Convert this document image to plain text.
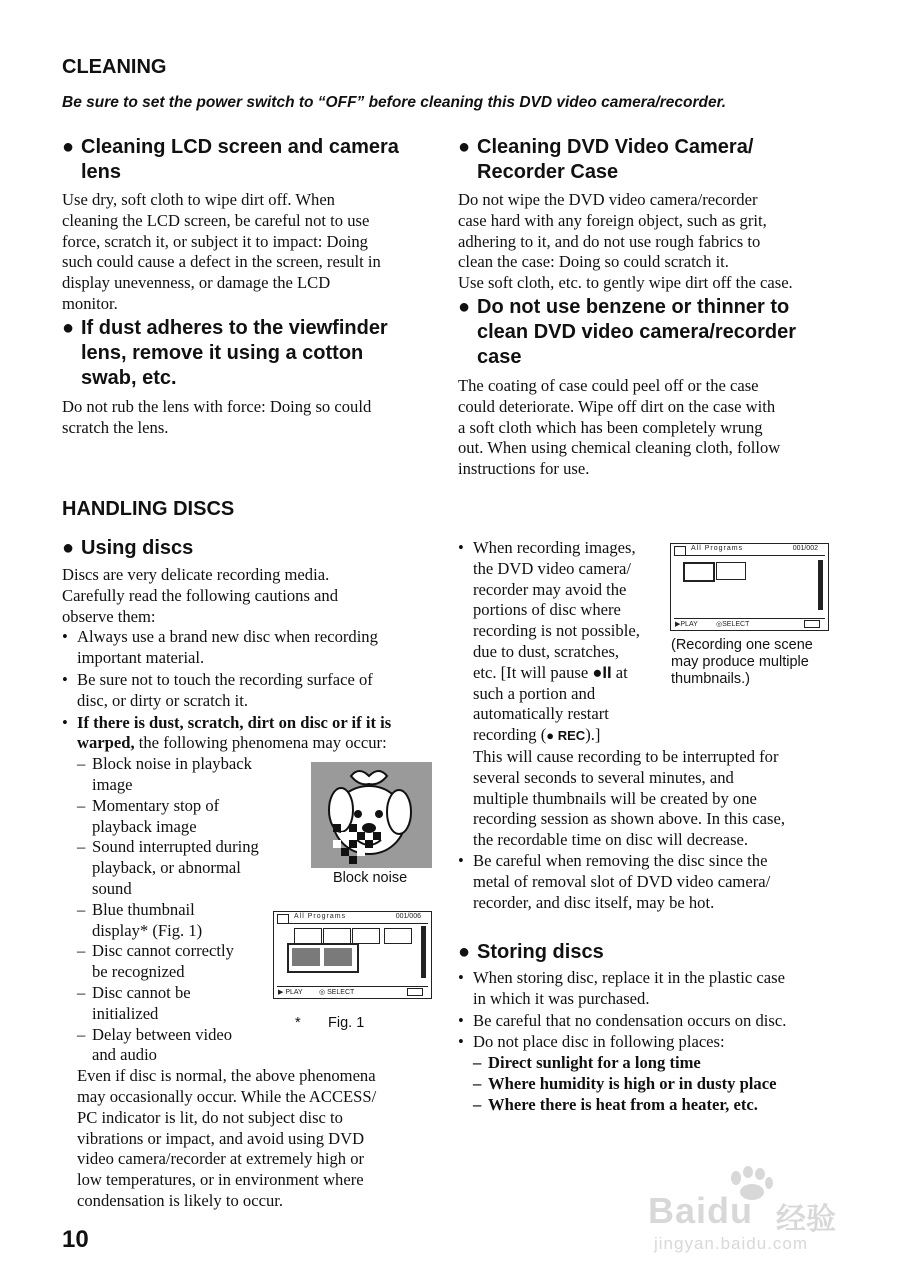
CLEANING
Be sure to set the power switch to “OFF” before cleaning this DVD video camera/recorder.
● Cleaning LCD screen and camera
lens

Use dry, soft cloth to wipe dirt off. When

cleaning the LCD screen, be careful not to use

force, scratch it, or subject it to impact: Doing

such could cause a defect in the screen, result in

display unevenness, or damage the LCD

monitor.

● If dust adheres to the viewfinder
lens, remove it using a cotton
swab, etc.

Do not rub the lens with force: Doing so could

scratch the lens.

● Cleaning DVD Video Camera/
Recorder Case

Do not wipe the DVD video camera/recorder

case hard with any foreign object, such as grit,

adhering to it, and do not use rough fabrics to

clean the case: Doing so could scratch it.

Use soft cloth, etc. to gently wipe dirt off the case.

● Do not use benzene or thinner to
clean DVD video camera/recorder
case

The coating of case could peel off or the case

could deteriorate. Wipe off dirt on the case with

a soft cloth which has been completely wrung

out. When using chemical cleaning cloth, follow

instructions for use.

HANDLING DISCS
● Using discs

Discs are very delicate recording media.

Carefully read the following cautions and

observe them:

• Always use a brand new disc when recording

important material.

• Be sure not to touch the recording surface of

disc, or dirty or scratch it.

• If there is dust, scratch, dirt on disc or if it is

warped, the following phenomena may occur:

– Block noise in playback

image

– Momentary stop of

playback image

– Sound interrupted during

playback, or abnormal

sound

– Blue thumbnail

display* (Fig. 1)

– Disc cannot correctly

be recognized

– Disc cannot be

initialized

– Delay between video

and audio

Even if disc is normal, the above phenomena

may occasionally occur. While the ACCESS/

PC indicator is lit, do not subject disc to

vibrations or impact, and avoid using DVD

video camera/recorder at extremely high or

low temperatures, or in environment where

condensation is likely to occur.

Block noise
All Programs	001/006
▶ PLAY ◎ SELECT
* Fig. 1
• When recording images,

the DVD video camera/

recorder may avoid the

portions of disc where

recording is not possible,

due to dust, scratches,

etc. [It will pause ●II at

such a portion and

automatically restart

recording (● REC).]

This will cause recording to be interrupted for

several seconds to several minutes, and

multiple thumbnails will be created by one

recording session as shown above. In this case,

the recordable time on disc will decrease.

• Be careful when removing the disc since the

metal of removal slot of DVD video camera/

recorder, and disc itself, may be hot.

All Programs	001/002
▶PLAY	◎SELECT
(Recording one scene
may produce multiple
thumbnails.)
● Storing discs
• When storing disc, replace it in the plastic case

in which it was purchased.

• Be careful that no condensation occurs on disc.

• Do not place disc in following places:

– Direct sunlight for a long time

– Where humidity is high or in dusty place

– Where there is heat from a heater, etc.

10
Baidu 经验
jingyan.baidu.com
